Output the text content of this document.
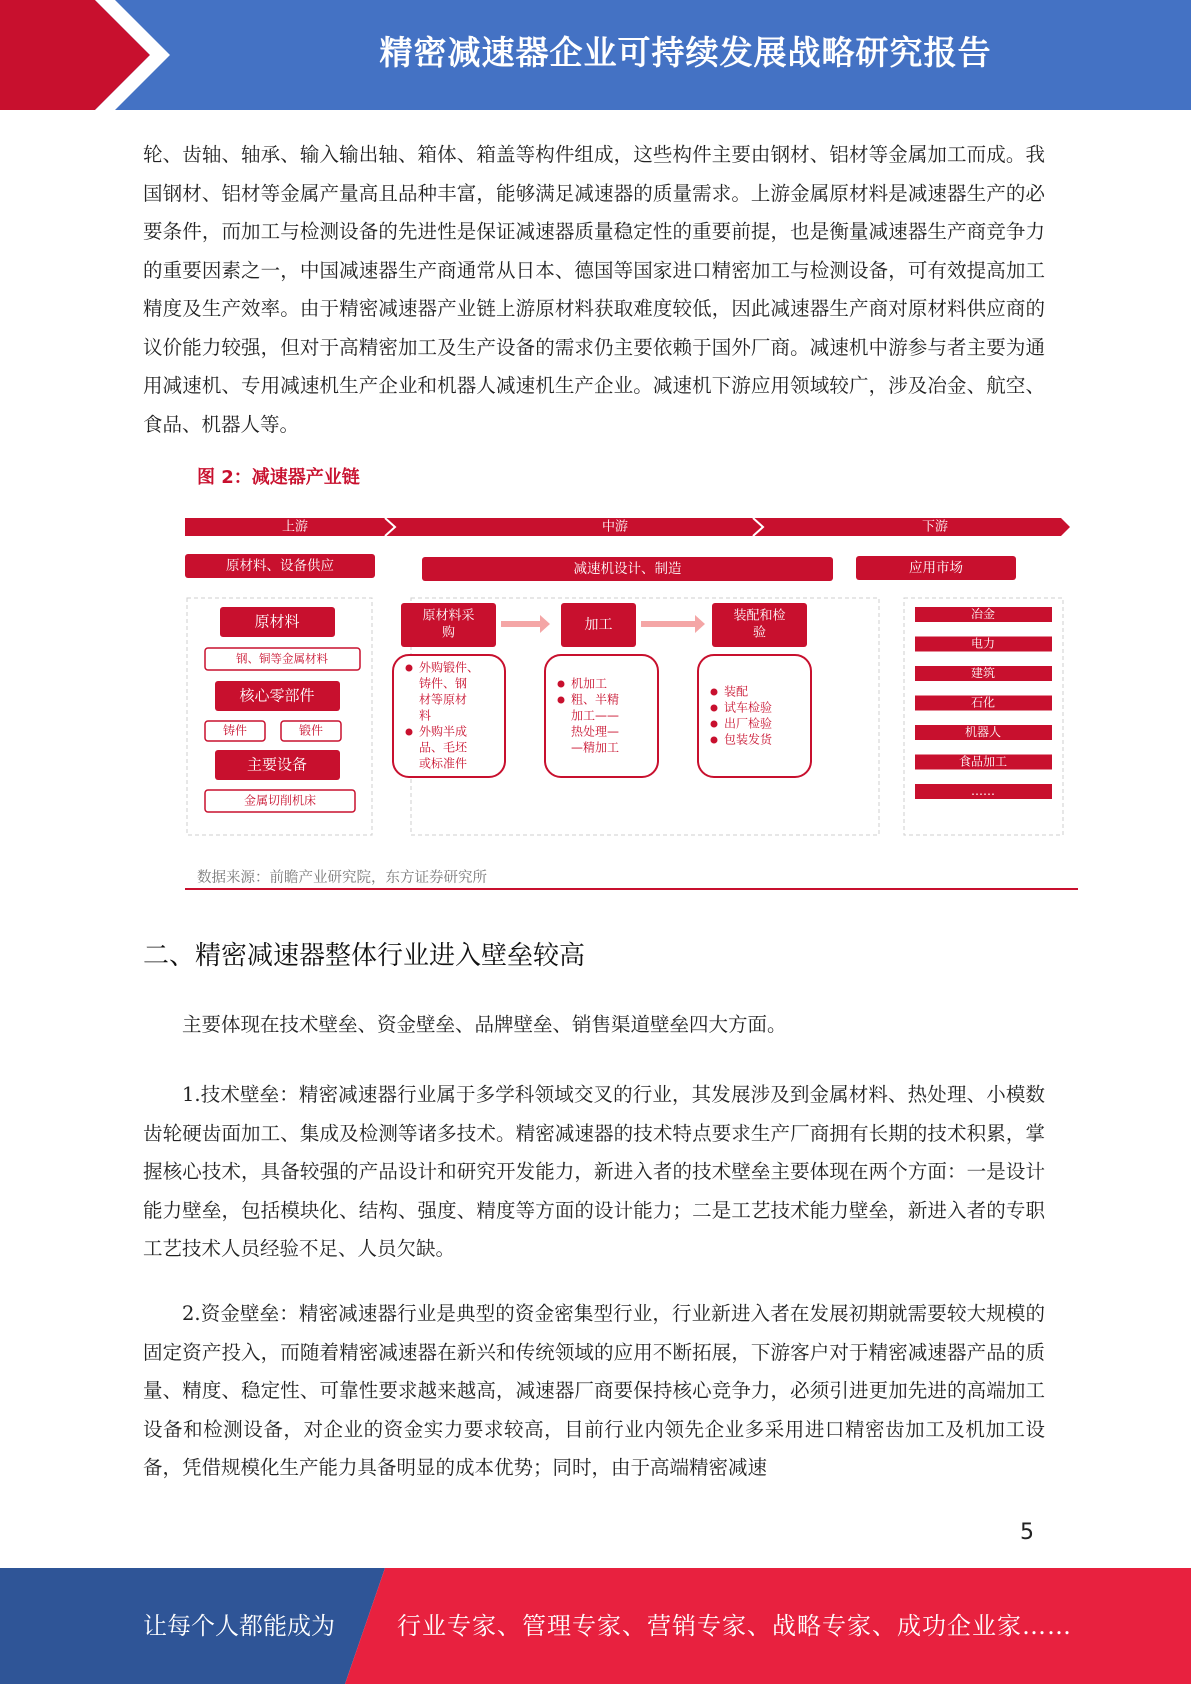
精密减速器企业可持续发展战略研究报告

轮、齿轴、轴承、输入输出轴、箱体、箱盖等构件组成，这些构件主要由钢材、铝材等金属加工而成。我国钢材、铝材等金属产量高且品种丰富，能够满足减速器的质量需求。上游金属原材料是减速器生产的必要条件，而加工与检测设备的先进性是保证减速器质量稳定性的重要前提，也是衡量减速器生产商竞争力的重要因素之一，中国减速器生产商通常从日本、德国等国家进口精密加工与检测设备，可有效提高加工精度及生产效率。由于精密减速器产业链上游原材料获取难度较低，因此减速器生产商对原材料供应商的议价能力较强，但对于高精密加工及生产设备的需求仍主要依赖于国外厂商。减速机中游参与者主要为通用减速机、专用减速机生产企业和机器人减速机生产企业。减速机下游应用领域较广，涉及冶金、航空、食品、机器人等。

图 2：减速器产业链
上游	中游	下游
原材料、设备供应	减速机设计、制造	应用市场
原材料
钢、铜等金属材料
核心零部件
铸件	锻件
主要设备
金属切削机床
原材料采
购	加工
装配和检
验
外购锻件、
铸件、钢
材等原材
料
外购半成
品、毛坯
或标准件
机加工
粗、半精
加工——
热处理—
—精加工
装配
试车检验
出厂检验
包装发货
冶金
电力
建筑
石化
机器人
食品加工
……
数据来源：前瞻产业研究院，东方证券研究所
二、精密减速器整体行业进入壁垒较高

主要体现在技术壁垒、资金壁垒、品牌壁垒、销售渠道壁垒四大方面。

1.技术壁垒：精密减速器行业属于多学科领域交叉的行业，其发展涉及到金属材料、热处理、小模数齿轮硬齿面加工、集成及检测等诸多技术。精密减速器的技术特点要求生产厂商拥有长期的技术积累，掌握核心技术，具备较强的产品设计和研究开发能力，新进入者的技术壁垒主要体现在两个方面：一是设计能力壁垒，包括模块化、结构、强度、精度等方面的设计能力；二是工艺技术能力壁垒，新进入者的专职工艺技术人员经验不足、人员欠缺。

2.资金壁垒：精密减速器行业是典型的资金密集型行业，行业新进入者在发展初期就需要较大规模的固定资产投入，而随着精密减速器在新兴和传统领域的应用不断拓展，下游客户对于精密减速器产品的质量、精度、稳定性、可靠性要求越来越高，减速器厂商要保持核心竞争力，必须引进更加先进的高端加工设备和检测设备，对企业的资金实力要求较高，目前行业内领先企业多采用进口精密齿加工及机加工设备，凭借规模化生产能力具备明显的成本优势；同时，由于高端精密减速

5
让每个人都能成为	行业专家、管理专家、营销专家、战略专家、成功企业家……
